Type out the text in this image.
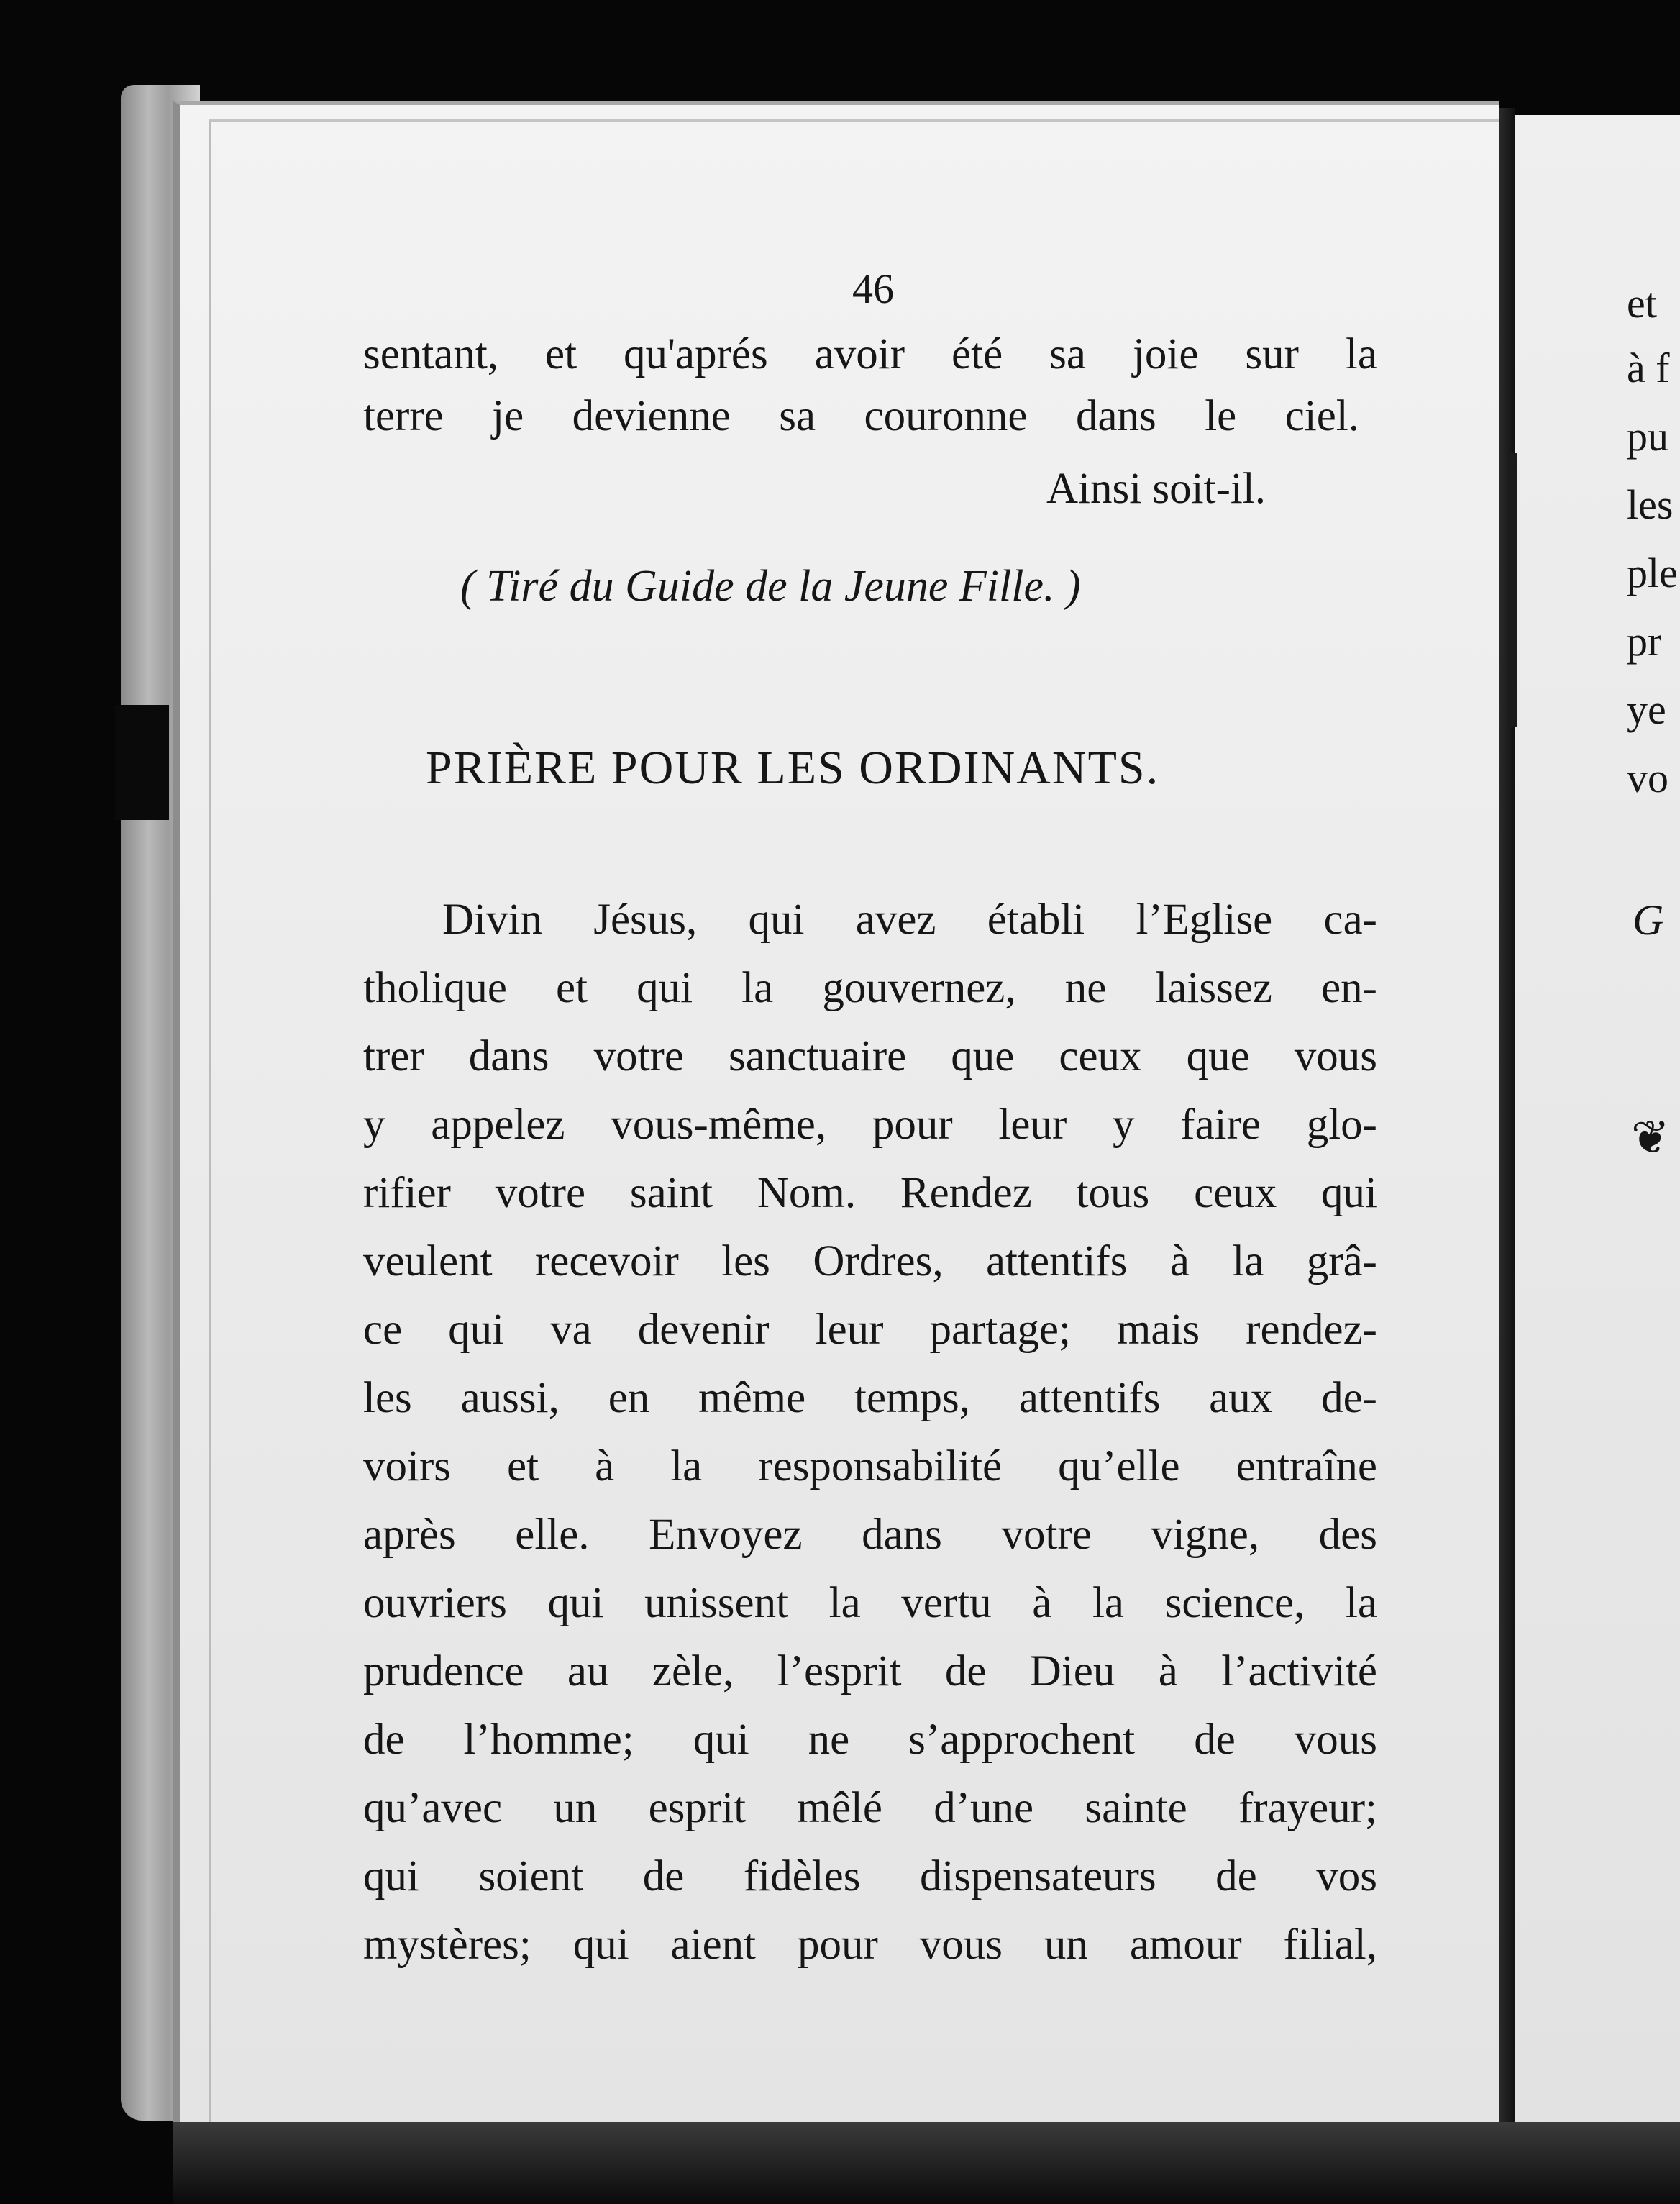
46

sentant, et qu'aprés avoir été sa joie sur la

terre je devienne sa couronne dans le ciel.

Ainsi soit-il.

( Tiré du Guide de la Jeune Fille. )

PRIÈRE POUR LES ORDINANTS.

Divin Jésus, qui avez établi l’Eglise ca-

tholique et qui la gouvernez, ne laissez en-

trer dans votre sanctuaire que ceux que vous

y appelez vous-même, pour leur y faire glo-

rifier votre saint Nom. Rendez tous ceux qui

veulent recevoir les Ordres, attentifs à la grâ-

ce qui va devenir leur partage; mais rendez-

les aussi, en même temps, attentifs aux de-

voirs et à la responsabilité qu’elle entraîne

après elle. Envoyez dans votre vigne, des

ouvriers qui unissent la vertu à la science, la

prudence au zèle, l’esprit de Dieu à l’activité

de l’homme; qui ne s’approchent de vous

qu’avec un esprit mêlé d’une sainte frayeur;

qui soient de fidèles dispensateurs de vos

mystères; qui aient pour vous un amour filial,

et

à f

pu

les

ple

pr

ye

vo

G

❦
